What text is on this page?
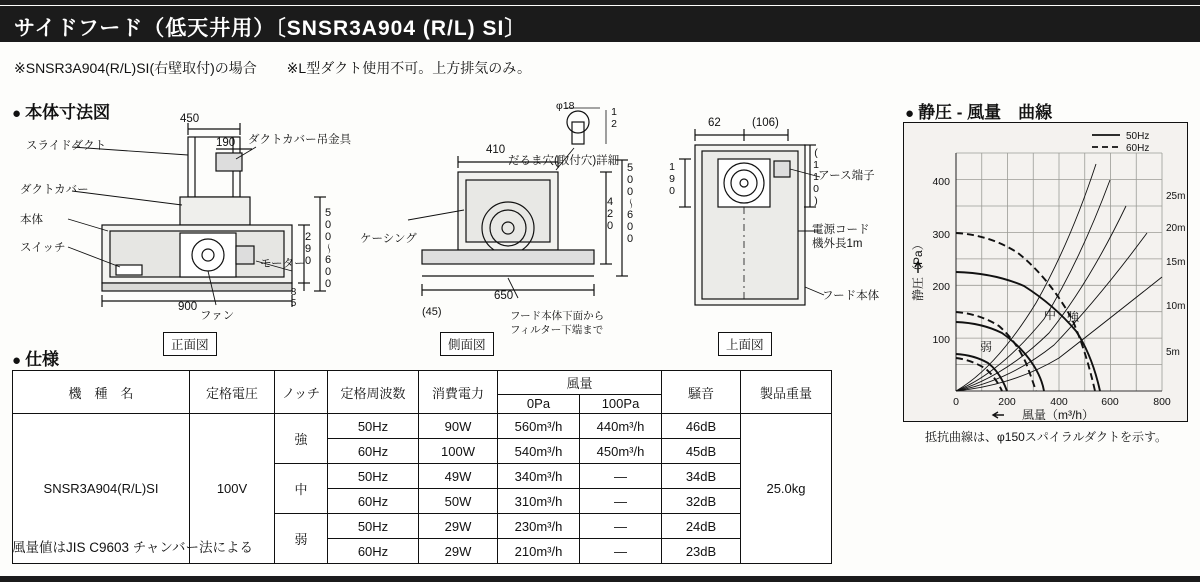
サイドフード（低天井用）〔SNSR3A904 (R/L) SI〕
※SNSR3A904(R/L)SI(右壁取付)の場合 ※L型ダクト使用不可。上方排気のみ。
● 本体寸法図
● 仕様
● 静圧 - 風量　曲線
スライドダクト	ダクトカバー吊金具
ダクトカバー
本体
スイッチ
モーター
ファン
450
190
290 500〜600
900	85
正面図
ケーシング
だるま穴(取付穴)詳細
フード本体下面から
フィルター下端まで
410
650
420 500〜600
(45)
φ18	12
側面図
アース端子
電源コード
機外長1m
フード本体
62	(106)
(110)
190
上面図
50Hz
60Hz
400
300
200
100
0	200	400	600	800
25m
20m
15m
10m
5m
中 強
弱
静圧（Pa）
風量（m³/h）
抵抗曲線は、φ150スパイラルダクトを示す。
機　種　名	定格電圧	ノッチ	定格周波数	消費電力	風量		騒音	製品重量
					0Pa	100Pa		
SNSR3A904(R/L)SI	100V	強	50Hz	90W	560m³/h	440m³/h	46dB	25.0kg
			60Hz	100W	540m³/h	450m³/h	45dB	
		中	50Hz	49W	340m³/h	—	34dB	
			60Hz	50W	310m³/h	—	32dB	
		弱	50Hz	29W	230m³/h	—	24dB	
			60Hz	29W	210m³/h	—	23dB	
風量値はJIS C9603 チャンバー法による
